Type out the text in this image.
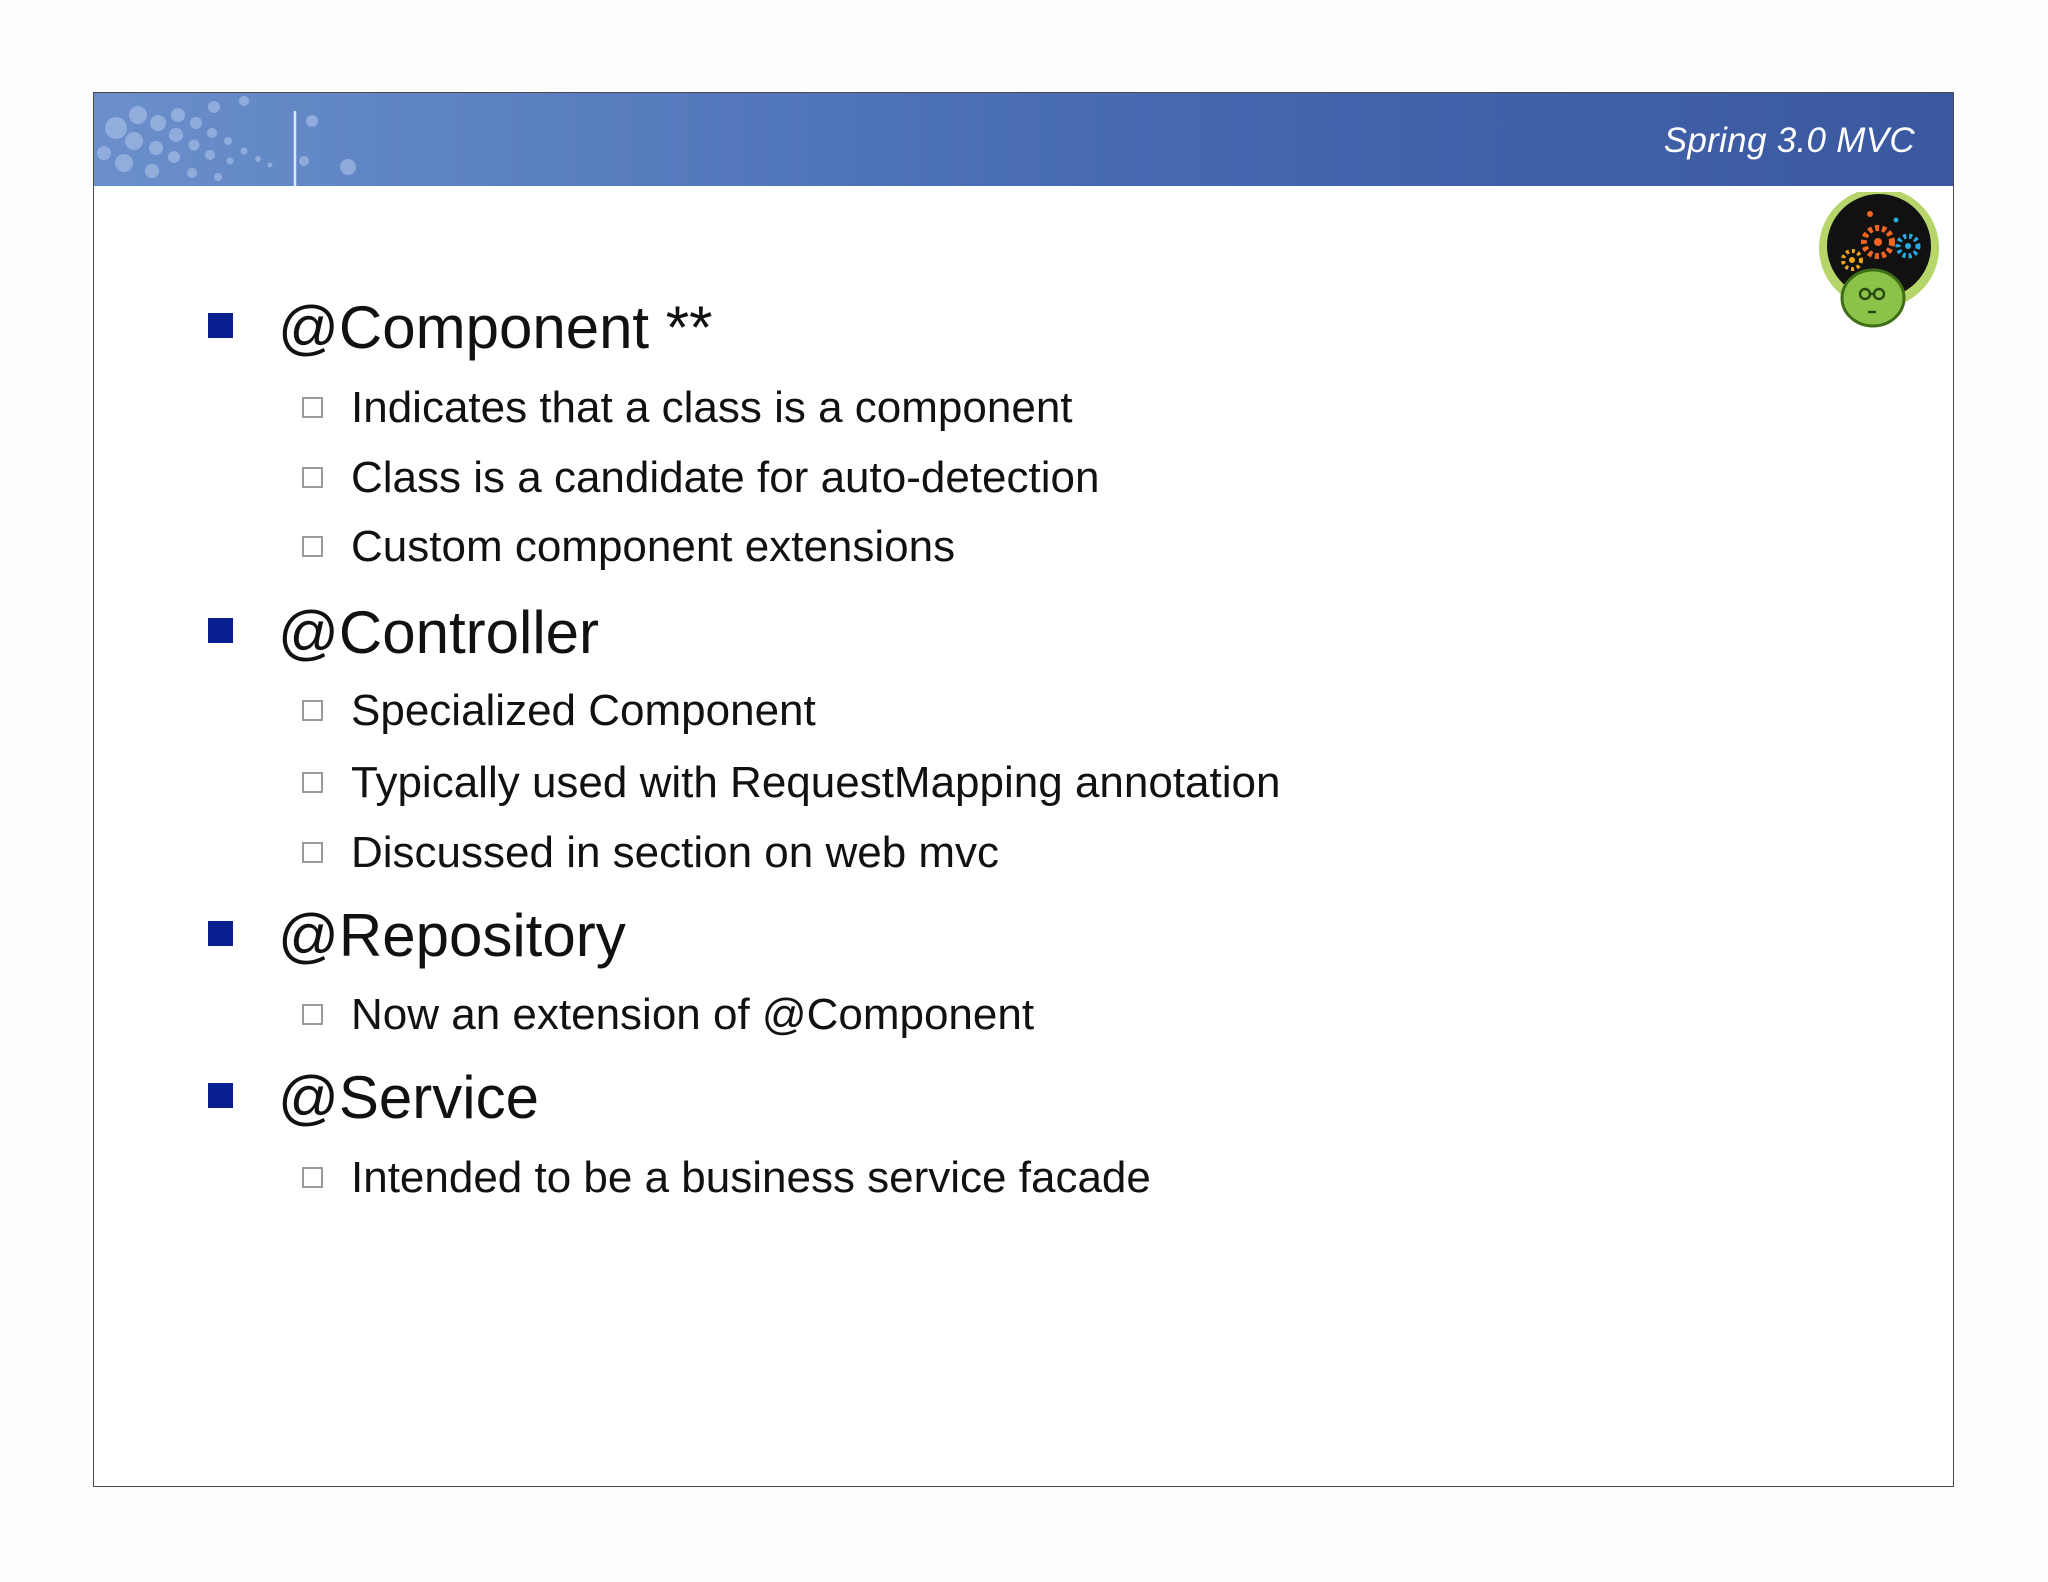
Spring 3.0 MVC
@Component **
Indicates that a class is a component
Class is a candidate for auto-detection
Custom component extensions
@Controller
Specialized Component
Typically used with RequestMapping annotation
Discussed in section on web mvc
@Repository
Now an extension of @Component
@Service
Intended to be a business service facade
